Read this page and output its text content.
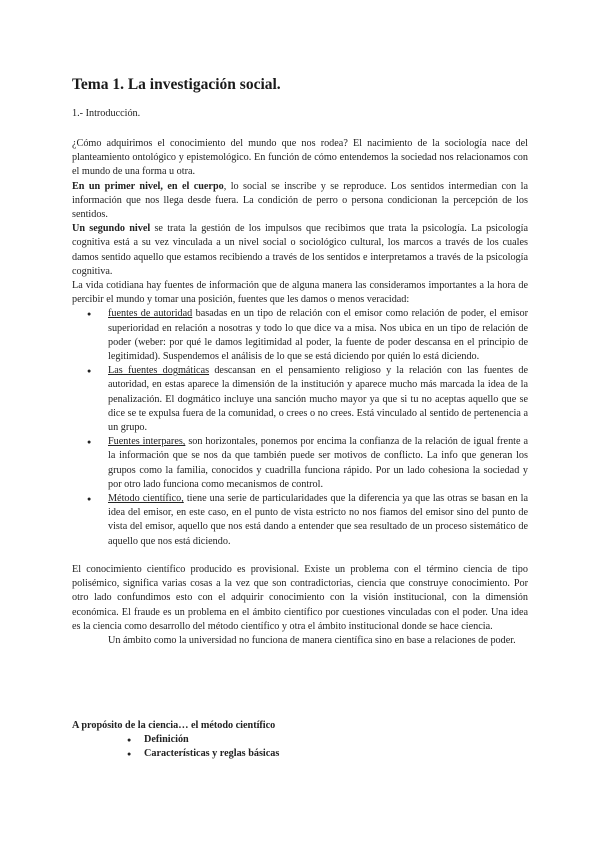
Tema 1. La investigación social.

1.- Introducción.

¿Cómo adquirimos el conocimiento del mundo que nos rodea? El nacimiento de la sociología nace del planteamiento ontológico y epistemológico. En función de cómo entendemos la sociedad nos relacionamos con el mundo de una forma u otra.

En un primer nivel, en el cuerpo, lo social se inscribe y se reproduce. Los sentidos intermedian con la información que nos llega desde fuera. La condición de perro o persona condicionan la percepción de los sentidos.

Un segundo nivel se trata la gestión de los impulsos que recibimos que trata la psicología. La psicología cognitiva está a su vez vinculada a un nivel social o sociológico cultural, los marcos a través de los cuales damos sentido aquello que estamos recibiendo a través de los sentidos e interpretamos a través de la psicología cognitiva.

La vida cotidiana hay fuentes de información que de alguna manera las consideramos importantes a la hora de percibir el mundo y tomar una posición, fuentes que les damos o menos veracidad:

● fuentes de autoridad basadas en un tipo de relación con el emisor como relación de poder, el emisor superioridad en relación a nosotras y todo lo que dice va a misa. Nos ubica en un tipo de relación de poder (weber: por qué le damos legitimidad al poder, la fuente de poder descansa en el principio de legitimidad). Suspendemos el análisis de lo que se está diciendo por quién lo está diciendo.
● Las fuentes dogmáticas descansan en el pensamiento religioso y la relación con las fuentes de autoridad, en estas aparece la dimensión de la institución y aparece mucho más marcada la idea de la penalización. El dogmático incluye una sanción mucho mayor ya que si tu no aceptas aquello que se dice se te expulsa fuera de la comunidad, o crees o no crees. Está vinculado al sentido de pertenencia a un grupo.
● Fuentes interpares, son horizontales, ponemos por encima la confianza de la relación de igual frente a la información que se nos da que también puede ser motivos de conflicto. La info que generan los grupos como la familia, conocidos y cuadrilla funciona rápido. Por un lado cohesiona la sociedad y por otro lado funciona como mecanismos de control.
● Método científico, tiene una serie de particularidades que la diferencia ya que las otras se basan en la idea del emisor, en este caso, en el punto de vista estricto no nos fiamos del emisor sino del punto de vista del emisor, aquello que nos está dando a entender que sea resultado de un proceso sistemático de aquello que nos está diciendo.

El conocimiento científico producido es provisional. Existe un problema con el término ciencia de tipo polisémico, significa varias cosas a la vez que son contradictorias, ciencia que construye conocimiento. Por otro lado confundimos esto con el adquirir conocimiento con la visión institucional, con la dimensión económica. El fraude es un problema en el ámbito científico por cuestiones vinculadas con el poder. Una idea es la ciencia como desarrollo del método científico y otra el ámbito institucional donde se hace ciencia.

Un ámbito como la universidad no funciona de manera científica sino en base a relaciones de poder.

A propósito de la ciencia… el método científico

● Definición
● Características y reglas básicas
